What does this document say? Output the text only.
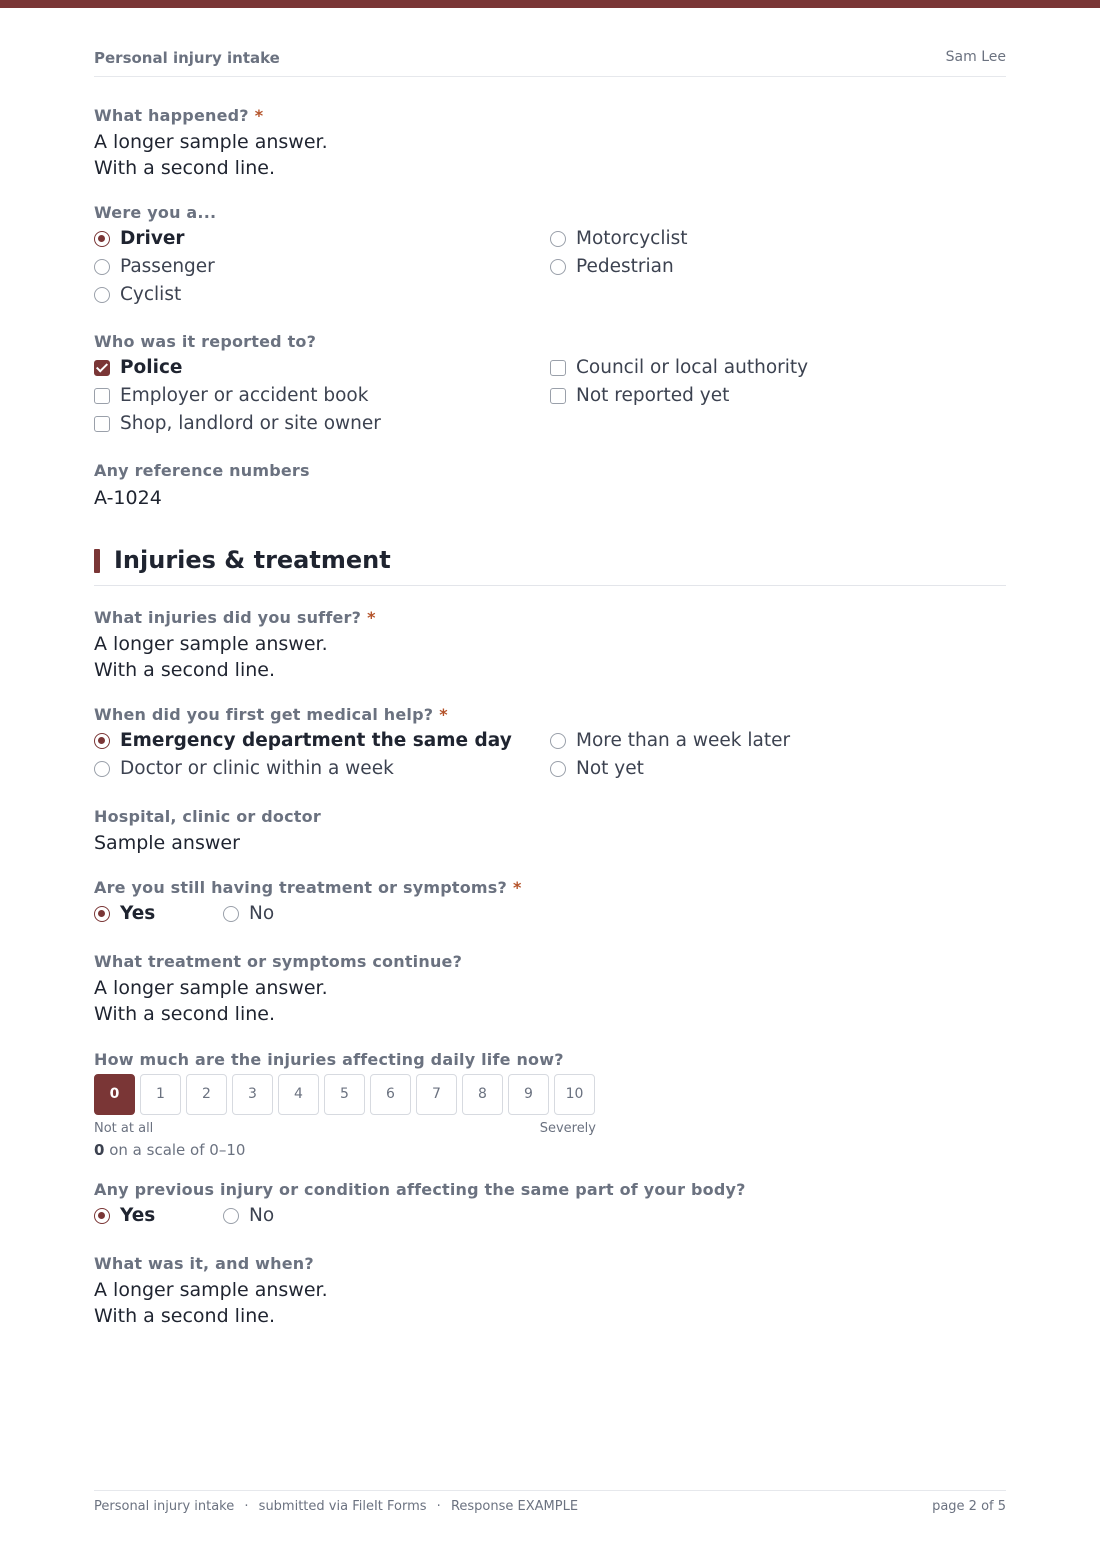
Personal injury intake	Sam Lee
What happened? *
A longer sample answer.
With a second line.
Were you a...
Driver
Passenger
Cyclist
Motorcyclist
Pedestrian
Who was it reported to?
Police
Employer or accident book
Shop, landlord or site owner
Council or local authority
Not reported yet
Any reference numbers
A-1024
Injuries & treatment
What injuries did you suffer? *
A longer sample answer.
With a second line.
When did you first get medical help? *
Emergency department the same day
Doctor or clinic within a week
More than a week later
Not yet
Hospital, clinic or doctor
Sample answer
Are you still having treatment or symptoms? *
Yes	No
What treatment or symptoms continue?
A longer sample answer.
With a second line.
How much are the injuries affecting daily life now?
0	1	2	3	4	5	6	7	8	9	10
Not at all	Severely
0 on a scale of 0–10
Any previous injury or condition affecting the same part of your body?
Yes	No
What was it, and when?
A longer sample answer.
With a second line.
Personal injury intake · submitted via FileIt Forms · Response EXAMPLE	page 2 of 5
